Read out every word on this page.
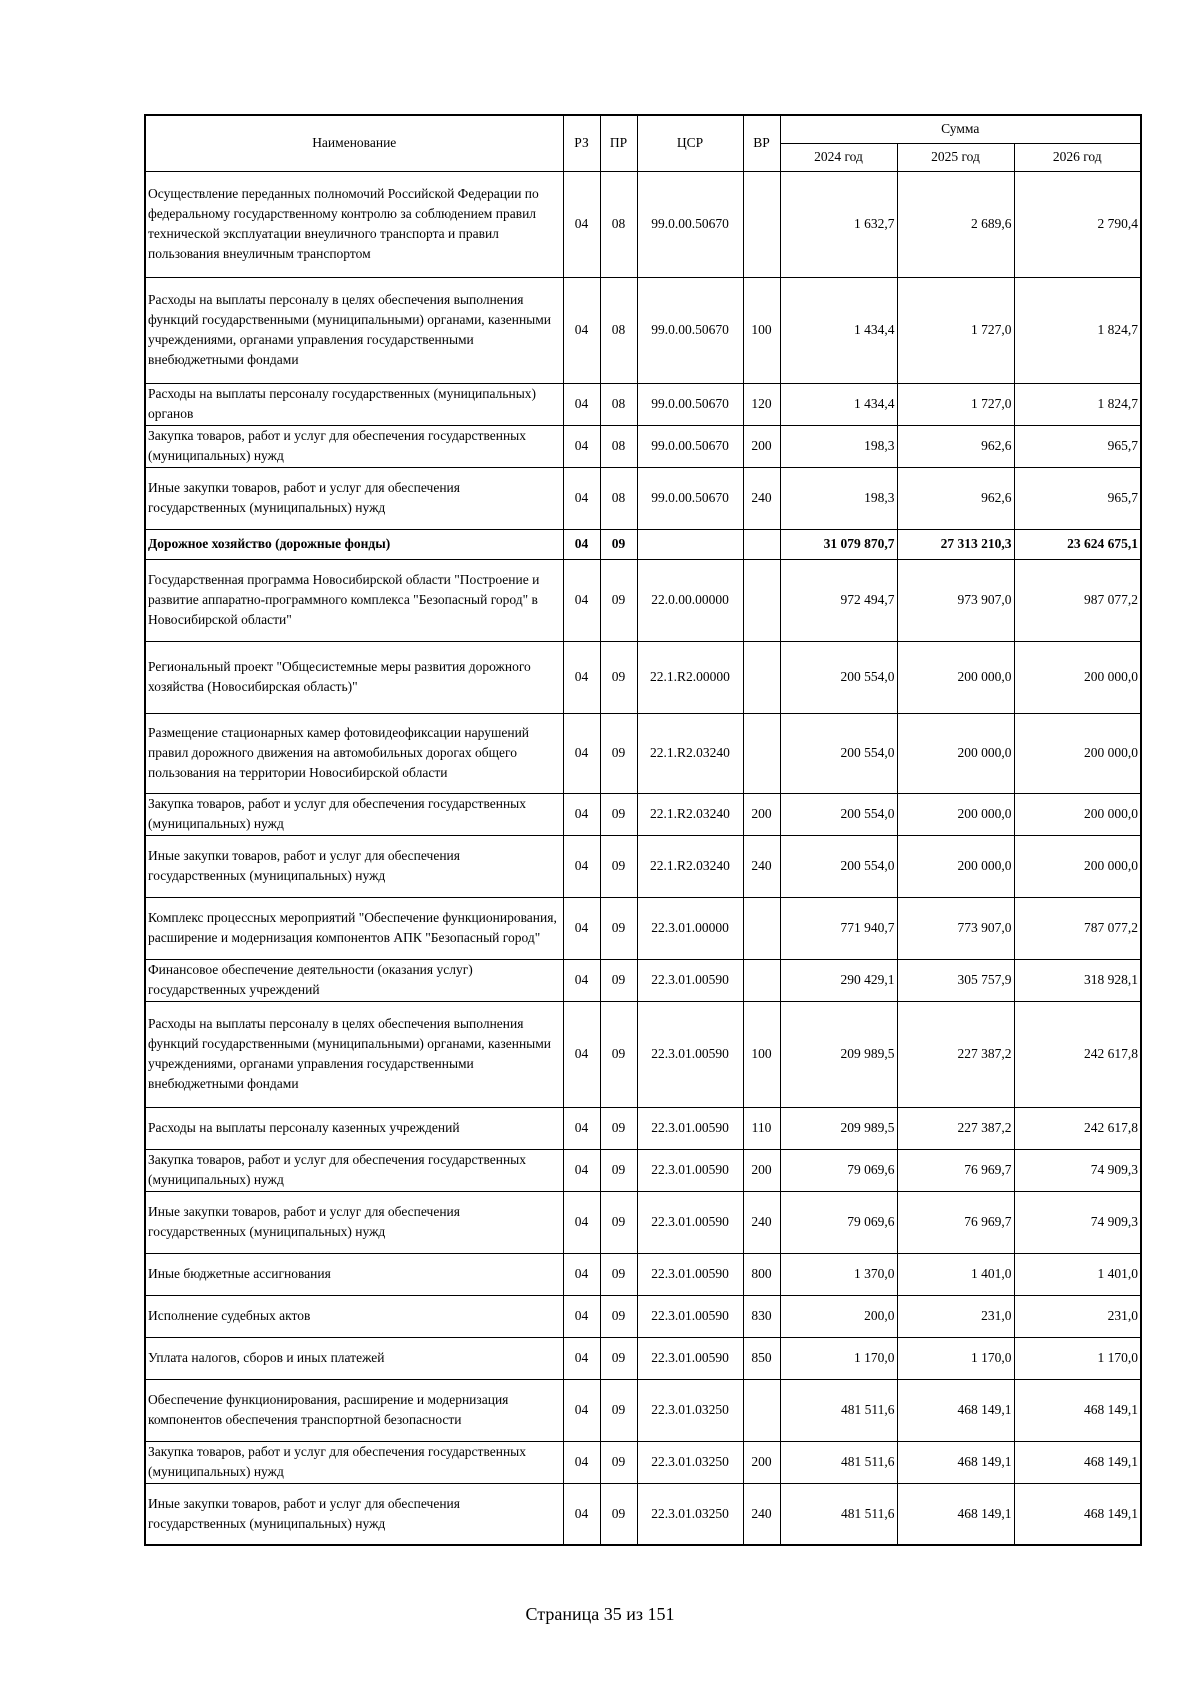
Наименование	РЗ	ПР	ЦСР	ВР	Сумма		
					2024 год	2025 год	2026 год
Осуществление переданных полномочий Российской Федерации по федеральному государственному контролю за соблюдением правил технической эксплуатации внеуличного транспорта и правил пользования внеуличным транспортом	04	08	99.0.00.50670		1 632,7	2 689,6	2 790,4
Расходы на выплаты персоналу в целях обеспечения выполнения функций государственными (муниципальными) органами, казенными учреждениями, органами управления государственными внебюджетными фондами	04	08	99.0.00.50670	100	1 434,4	1 727,0	1 824,7
Расходы на выплаты персоналу государственных (муниципальных) органов	04	08	99.0.00.50670	120	1 434,4	1 727,0	1 824,7
Закупка товаров, работ и услуг для обеспечения государственных (муниципальных) нужд	04	08	99.0.00.50670	200	198,3	962,6	965,7
Иные закупки товаров, работ и услуг для обеспечения государственных (муниципальных) нужд	04	08	99.0.00.50670	240	198,3	962,6	965,7
Дорожное хозяйство (дорожные фонды)	04	09			31 079 870,7	27 313 210,3	23 624 675,1
Государственная программа Новосибирской области "Построение и развитие аппаратно-программного комплекса "Безопасный город" в Новосибирской области"	04	09	22.0.00.00000		972 494,7	973 907,0	987 077,2
Региональный проект "Общесистемные меры развития дорожного хозяйства (Новосибирская область)"	04	09	22.1.R2.00000		200 554,0	200 000,0	200 000,0
Размещение стационарных камер фотовидеофиксации нарушений правил дорожного движения на автомобильных дорогах общего пользования на территории Новосибирской области	04	09	22.1.R2.03240		200 554,0	200 000,0	200 000,0
Закупка товаров, работ и услуг для обеспечения государственных (муниципальных) нужд	04	09	22.1.R2.03240	200	200 554,0	200 000,0	200 000,0
Иные закупки товаров, работ и услуг для обеспечения государственных (муниципальных) нужд	04	09	22.1.R2.03240	240	200 554,0	200 000,0	200 000,0
Комплекс процессных мероприятий "Обеспечение функционирования, расширение и модернизация компонентов АПК "Безопасный город"	04	09	22.3.01.00000		771 940,7	773 907,0	787 077,2
Финансовое обеспечение деятельности (оказания услуг) государственных учреждений	04	09	22.3.01.00590		290 429,1	305 757,9	318 928,1
Расходы на выплаты персоналу в целях обеспечения выполнения функций государственными (муниципальными) органами, казенными учреждениями, органами управления государственными внебюджетными фондами	04	09	22.3.01.00590	100	209 989,5	227 387,2	242 617,8
Расходы на выплаты персоналу казенных учреждений	04	09	22.3.01.00590	110	209 989,5	227 387,2	242 617,8
Закупка товаров, работ и услуг для обеспечения государственных (муниципальных) нужд	04	09	22.3.01.00590	200	79 069,6	76 969,7	74 909,3
Иные закупки товаров, работ и услуг для обеспечения государственных (муниципальных) нужд	04	09	22.3.01.00590	240	79 069,6	76 969,7	74 909,3
Иные бюджетные ассигнования	04	09	22.3.01.00590	800	1 370,0	1 401,0	1 401,0
Исполнение судебных актов	04	09	22.3.01.00590	830	200,0	231,0	231,0
Уплата налогов, сборов и иных платежей	04	09	22.3.01.00590	850	1 170,0	1 170,0	1 170,0
Обеспечение функционирования, расширение и модернизация компонентов обеспечения транспортной безопасности	04	09	22.3.01.03250		481 511,6	468 149,1	468 149,1
Закупка товаров, работ и услуг для обеспечения государственных (муниципальных) нужд	04	09	22.3.01.03250	200	481 511,6	468 149,1	468 149,1
Иные закупки товаров, работ и услуг для обеспечения государственных (муниципальных) нужд	04	09	22.3.01.03250	240	481 511,6	468 149,1	468 149,1
Страница 35 из 151
